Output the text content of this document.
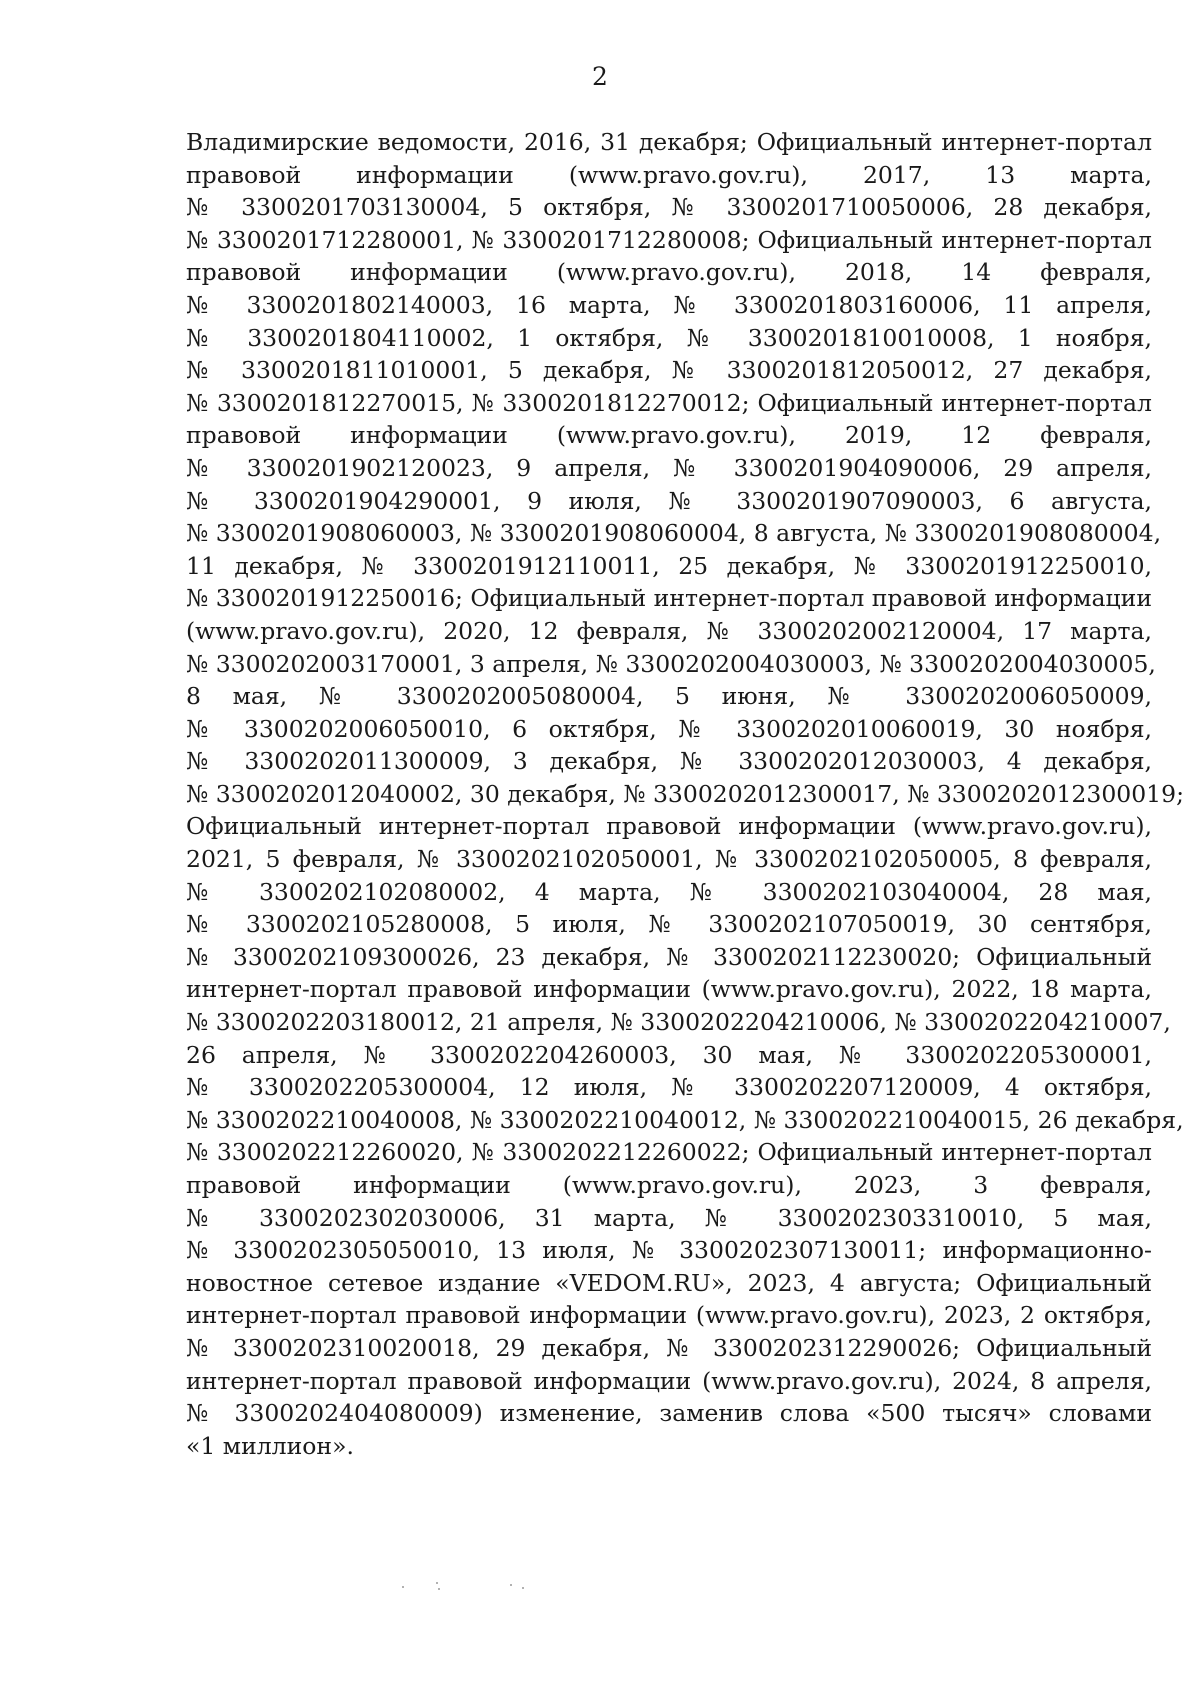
2
Владимирские ведомости, 2016, 31 декабря; Официальный интернет-портал
правовой информации (www.pravo.gov.ru), 2017, 13 марта,
№ 3300201703130004, 5 октября, № 3300201710050006, 28 декабря,
№ 3300201712280001, № 3300201712280008; Официальный интернет-портал
правовой информации (www.pravo.gov.ru), 2018, 14 февраля,
№ 3300201802140003, 16 марта, № 3300201803160006, 11 апреля,
№ 3300201804110002, 1 октября, № 3300201810010008, 1 ноября,
№ 3300201811010001, 5 декабря, № 3300201812050012, 27 декабря,
№ 3300201812270015, № 3300201812270012; Официальный интернет-портал
правовой информации (www.pravo.gov.ru), 2019, 12 февраля,
№ 3300201902120023, 9 апреля, № 3300201904090006, 29 апреля,
№ 3300201904290001, 9 июля, № 3300201907090003, 6 августа,
№ 3300201908060003, № 3300201908060004, 8 августа, № 3300201908080004,
11 декабря, № 3300201912110011, 25 декабря, № 3300201912250010,
№ 3300201912250016; Официальный интернет-портал правовой информации
(www.pravo.gov.ru), 2020, 12 февраля, № 3300202002120004, 17 марта,
№ 3300202003170001, 3 апреля, № 3300202004030003, № 3300202004030005,
8 мая, № 3300202005080004, 5 июня, № 3300202006050009,
№ 3300202006050010, 6 октября, № 3300202010060019, 30 ноября,
№ 3300202011300009, 3 декабря, № 3300202012030003, 4 декабря,
№ 3300202012040002, 30 декабря, № 3300202012300017, № 3300202012300019;
Официальный интернет-портал правовой информации (www.pravo.gov.ru),
2021, 5 февраля, № 3300202102050001, № 3300202102050005, 8 февраля,
№ 3300202102080002, 4 марта, № 3300202103040004, 28 мая,
№ 3300202105280008, 5 июля, № 3300202107050019, 30 сентября,
№ 3300202109300026, 23 декабря, № 3300202112230020; Официальный
интернет-портал правовой информации (www.pravo.gov.ru), 2022, 18 марта,
№ 3300202203180012, 21 апреля, № 3300202204210006, № 3300202204210007,
26 апреля, № 3300202204260003, 30 мая, № 3300202205300001,
№ 3300202205300004, 12 июля, № 3300202207120009, 4 октября,
№ 3300202210040008, № 3300202210040012, № 3300202210040015, 26 декабря,
№ 3300202212260020, № 3300202212260022; Официальный интернет-портал
правовой информации (www.pravo.gov.ru), 2023, 3 февраля,
№ 3300202302030006, 31 марта, № 3300202303310010, 5 мая,
№ 3300202305050010, 13 июля, № 3300202307130011; информационно-
новостное сетевое издание «VEDOM.RU», 2023, 4 августа; Официальный
интернет-портал правовой информации (www.pravo.gov.ru), 2023, 2 октября,
№ 3300202310020018, 29 декабря, № 3300202312290026; Официальный
интернет-портал правовой информации (www.pravo.gov.ru), 2024, 8 апреля,
№ 3300202404080009) изменение, заменив слова «500 тысяч» словами
«1 миллион».
